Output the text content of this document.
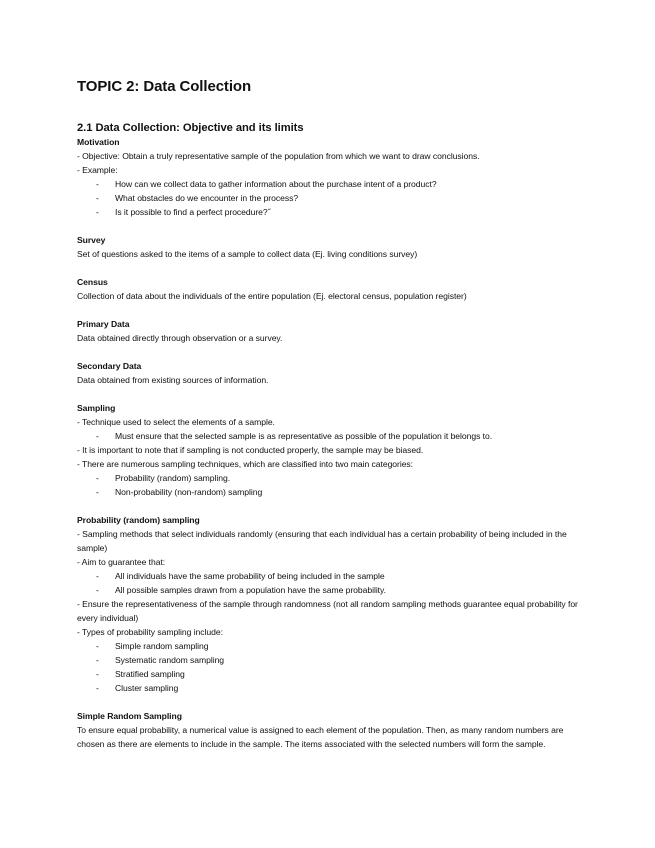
TOPIC 2: Data Collection
2.1 Data Collection: Objective and its limits
Motivation
- Objective: Obtain a truly representative sample of the population from which we want to draw conclusions.
- Example:
- How can we collect data to gather information about the purchase intent of a product?
- What obstacles do we encounter in the process?
- Is it possible to find a perfect procedure?˝
Survey
Set of questions asked to the items of a sample to collect data (Ej. living conditions survey)
Census
Collection of data about the individuals of the entire population (Ej. electoral census, population register)
Primary Data
Data obtained directly through observation or a survey.
Secondary Data
Data obtained from existing sources of information.
Sampling
- Technique used to select the elements of a sample.
- Must ensure that the selected sample is as representative as possible of the population it belongs to.
- It is important to note that if sampling is not conducted properly, the sample may be biased.
- There are numerous sampling techniques, which are classified into two main categories:
- Probability (random) sampling.
- Non-probability (non-random) sampling
Probability (random) sampling
- Sampling methods that select individuals randomly (ensuring that each individual has a certain probability of being included in the sample)
- Aim to guarantee that:
- All individuals have the same probability of being included in the sample
- All possible samples drawn from a population have the same probability.
- Ensure the representativeness of the sample through randomness (not all random sampling methods guarantee equal probability for every individual)
- Types of probability sampling include:
- Simple random sampling
- Systematic random sampling
- Stratified sampling
- Cluster sampling
Simple Random Sampling
To ensure equal probability, a numerical value is assigned to each element of the population. Then, as many random numbers are chosen as there are elements to include in the sample. The items associated with the selected numbers will form the sample.
